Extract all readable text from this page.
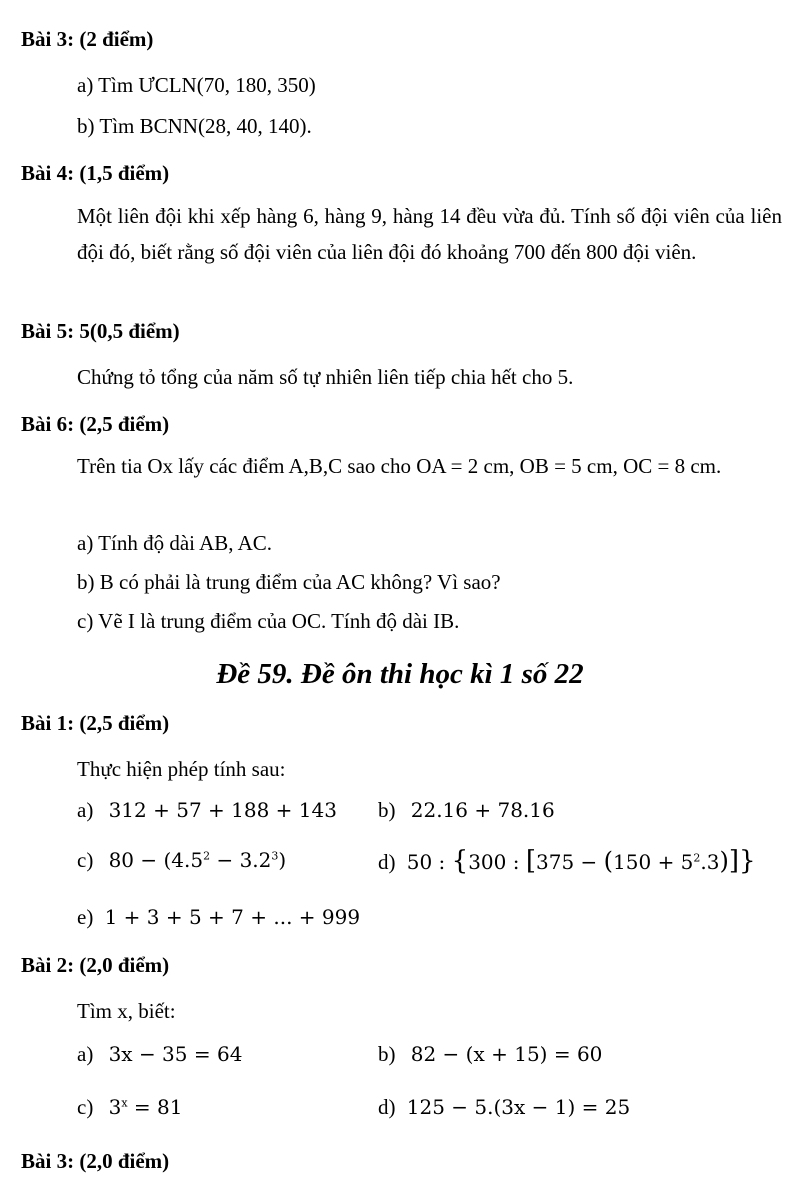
Bài 3: (2 điểm)
a) Tìm ƯCLN(70, 180, 350)
b) Tìm BCNN(28, 40, 140).
Bài 4: (1,5 điểm)
Một liên đội khi xếp hàng 6, hàng 9, hàng 14 đều vừa đủ. Tính số đội viên của liên đội đó, biết rằng số đội viên của liên đội đó khoảng 700 đến 800 đội viên.
Bài 5: 5(0,5 điểm)
Chứng tỏ tổng của năm số tự nhiên liên tiếp chia hết cho 5.
Bài 6: (2,5 điểm)
Trên tia Ox lấy các điểm A,B,C sao cho OA = 2 cm, OB = 5 cm, OC = 8 cm.
a) Tính độ dài AB, AC.
b) B có phải là trung điểm của AC không? Vì sao?
c) Vẽ I là trung điểm của OC. Tính độ dài IB.
Đề 59. Đề ôn thi học kì 1 số 22
Bài 1: (2,5 điểm)
Thực hiện phép tính sau:
a) 312 + 57 + 188 + 143 b) 22.16 + 78.16
c) $80 - (4.5^2 - 3.2^3)$	d) 50 : {300 : $[375 - (150 + 5^2.3)]$}
e) 1 + 3 + 5 + 7 + ... + 999
Bài 2: (2,0 điểm)
Tìm x, biết:
a) 3x − 35 = 64	b) 82 − (x + 15) = 60
c) $3^x = 81$	d) 125 − 5.(3x − 1) = 25
Bài 3: (2,0 điểm)
